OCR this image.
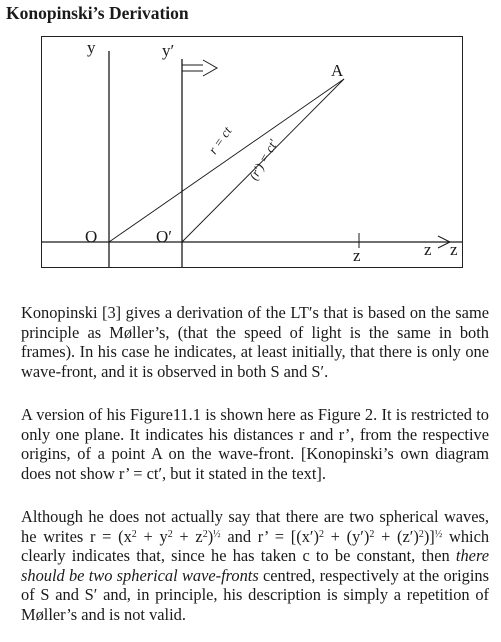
Konopinski’s Derivation
y	y′
A
O	O′
z	z z
r = ct (r′) = ct′

Konopinski [3] gives a derivation of the LT′s that is based on the same principle as Møller’s, (that the speed of light is the same in both frames). In his case he indicates, at least initially, that there is only one wave-front, and it is observed in both S and S′.

A version of his Figure11.1 is shown here as Figure 2. It is restricted to only one plane. It indicates his distances r and r’, from the respective origins, of a point A on the wave-front. [Konopinski’s own diagram does not show r’ = ct′, but it stated in the text].

Although he does not actually say that there are two spherical waves, he writes $r = (x^2 + y^2 + z^2)^{\frac{1}{2}}$ and r’ = $[(x')^2 + (y')^2 + (z')^2)]^{\frac{1}{2}}$ which clearly indicates that, since he has taken c to be constant, then there should be two spherical wave-fronts centred, respectively at the origins of S and S′ and, in principle, his description is simply a repetition of Møller’s and is not valid.
